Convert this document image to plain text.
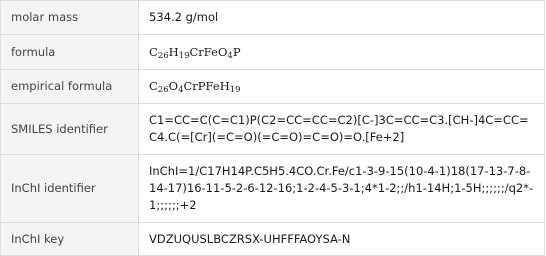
molar mass	534.2 g/mol
formula	$C_{26}H_{19}CrFeO_4P$
empirical formula	$C_{26}O_4CrPFeH_{19}$
SMILES identifier	C1=CC=C(C=C1)P(C2=CC=CC=C2)[C-]3C=CC=C3.[CH-]4C=CC=C4.C(=[Cr](=C=O)(=C=O)=C=O)=O.[Fe+2]
InChI identifier	InChI=1/C17H14P.C5H5.4CO.Cr.Fe/c1-3-9-15(10-4-1)18(17-13-7-8-14-17)16-11-5-2-6-12-16;1-2-4-5-3-1;4*1-2;;/h1-14H;1-5H;;;;;;/q2*-1;;;;;;+2
InChI key	VDZUQUSLBCZRSX-UHFFFAOYSA-N
